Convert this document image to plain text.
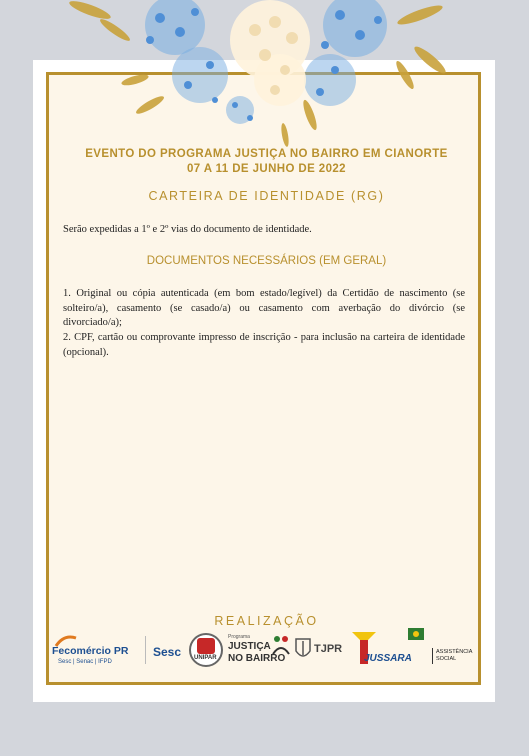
EVENTO DO PROGRAMA JUSTIÇA NO BAIRRO EM CIANORTE
07 A 11 DE JUNHO DE 2022
CARTEIRA DE IDENTIDADE (RG)
Serão expedidas a 1º e 2º vias do documento de identidade.
DOCUMENTOS NECESSÁRIOS (EM GERAL)
1. Original ou cópia autenticada (em bom estado/legível) da Certidão de nascimento (se solteiro/a), casamento (se casado/a) ou casamento com averbação do divórcio (se divorciado/a);
2. CPF, cartão ou comprovante impresso de inscrição - para inclusão na carteira de identidade (opcional).
REALIZAÇÃO
Fecomércio PR
Sesc | Senac | IFPD
Sesc UNIPAR
Programa
JUSTIÇA
NO BAIRRO
TJPR
JUSSARA
ASSISTÊNCIA
SOCIAL
